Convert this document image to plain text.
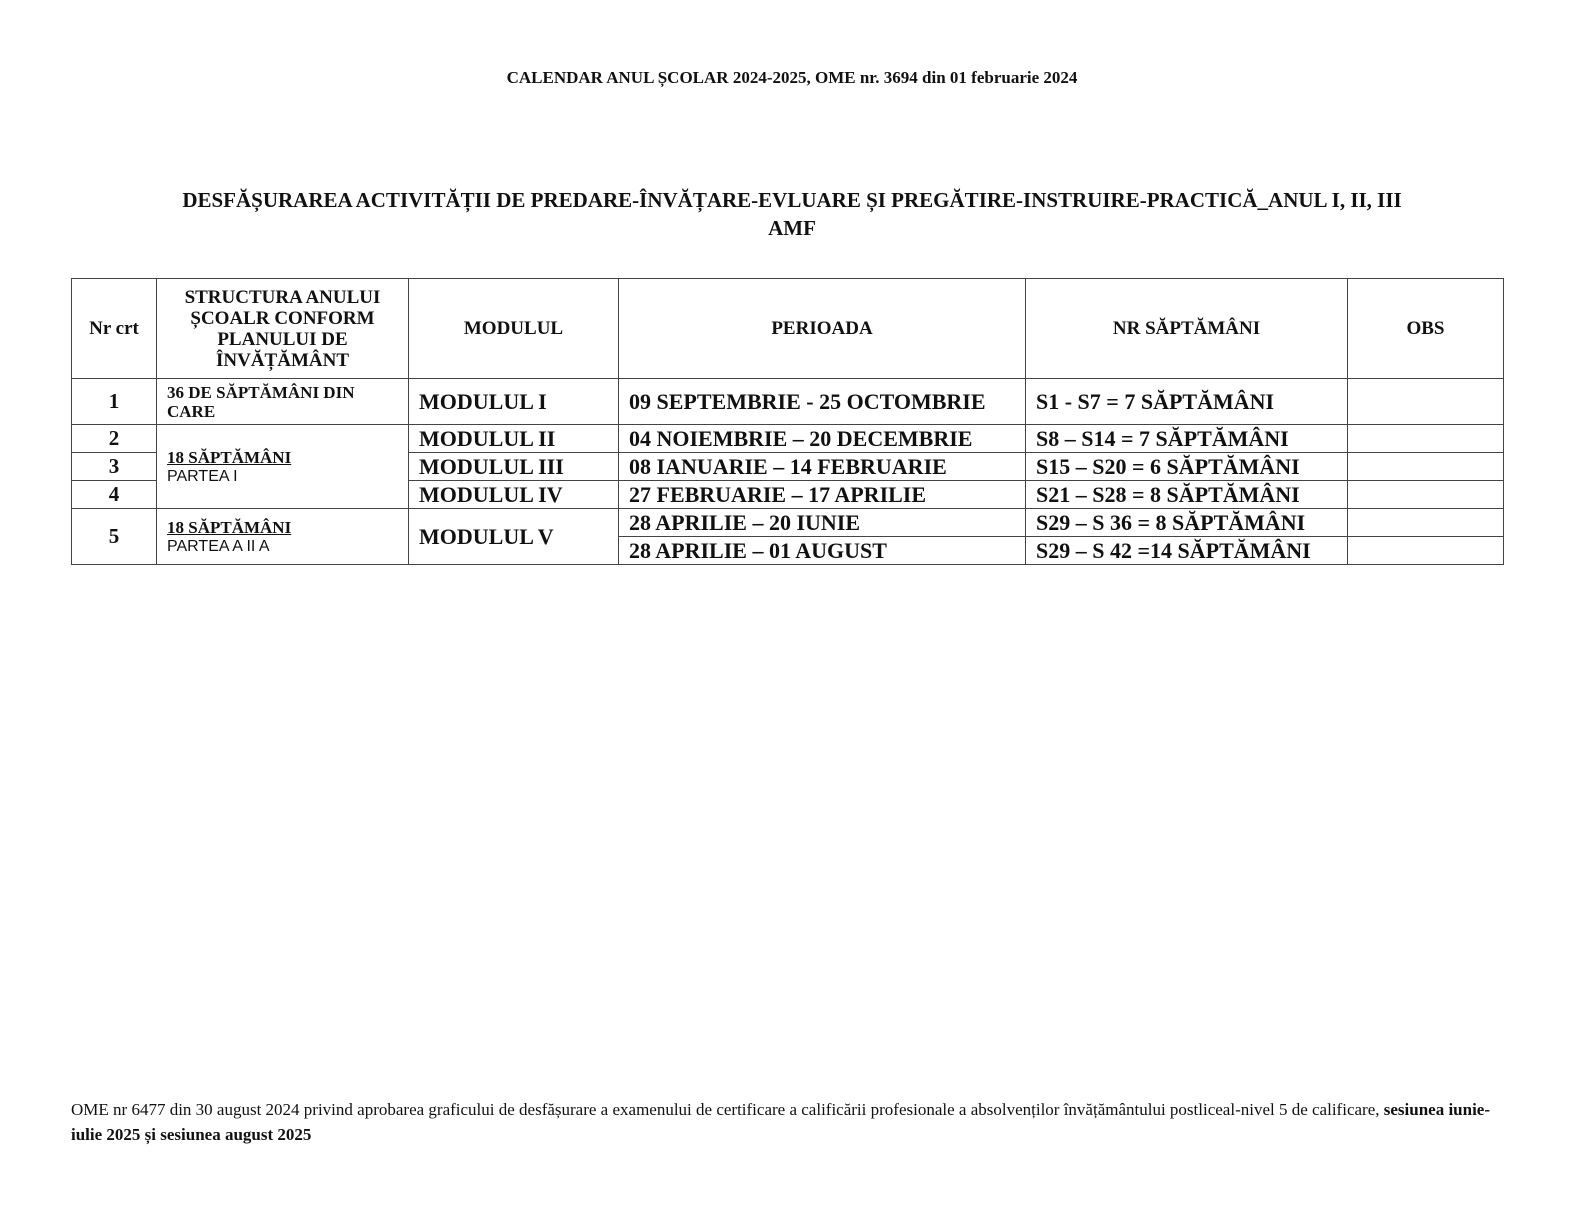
CALENDAR ANUL ȘCOLAR 2024-2025, OME nr. 3694 din 01 februarie 2024
DESFĂȘURAREA ACTIVITĂȚII DE PREDARE-ÎNVĂȚARE-EVLUARE ȘI PREGĂTIRE-INSTRUIRE-PRACTICĂ_ANUL I, II, III
AMF
Nr crt	STRUCTURA ANULUI ȘCOALR CONFORM PLANULUI DE ÎNVĂȚĂMÂNT	MODULUL	PERIOADA	NR SĂPTĂMÂNI	OBS
1	36 DE SĂPTĂMÂNI DIN CARE	MODULUL I	09 SEPTEMBRIE - 25 OCTOMBRIE	S1 - S7 = 7 SĂPTĂMÂNI	
2	18 SĂPTĂMÂNI
PARTEA I	MODULUL II	04 NOIEMBRIE – 20 DECEMBRIE	S8 – S14 = 7 SĂPTĂMÂNI	
3		MODULUL III	08 IANUARIE – 14 FEBRUARIE	S15 – S20 = 6 SĂPTĂMÂNI	
4		MODULUL IV	27 FEBRUARIE – 17 APRILIE	S21 – S28 = 8 SĂPTĂMÂNI	
5	18 SĂPTĂMÂNI
PARTEA A II A	MODULUL V	28 APRILIE – 20 IUNIE	S29 – S 36 = 8 SĂPTĂMÂNI	
			28 APRILIE – 01 AUGUST	S29 – S 42 =14 SĂPTĂMÂNI	
OME nr 6477 din 30 august 2024 privind aprobarea graficului de desfășurare a examenului de certificare a calificării profesionale a absolvenților învățământului postliceal-nivel 5 de calificare, sesiunea iunie-iulie 2025 și sesiunea august 2025
